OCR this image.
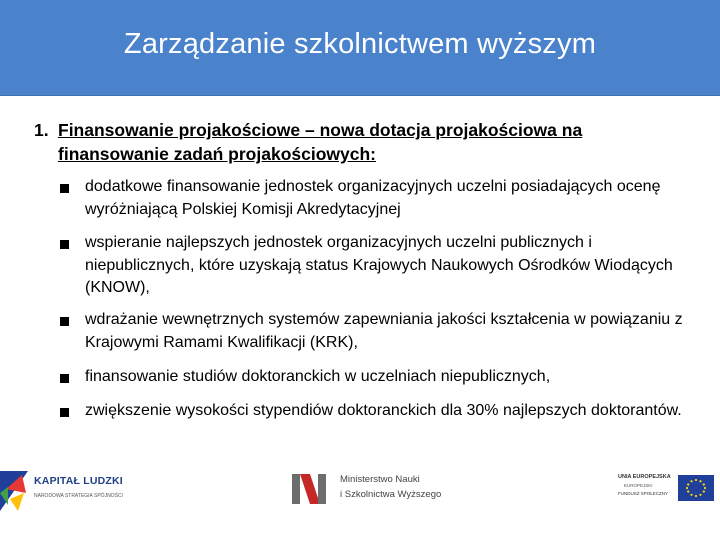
Zarządzanie szkolnictwem wyższym
1. Finansowanie projakościowe – nowa dotacja projakościowa na finansowanie zadań projakościowych:
dodatkowe finansowanie jednostek organizacyjnych uczelni posiadających ocenę wyróżniającą Polskiej Komisji Akredytacyjnej
wspieranie najlepszych jednostek organizacyjnych uczelni publicznych i niepublicznych, które uzyskają status Krajowych Naukowych Ośrodków Wiodących (KNOW),
wdrażanie wewnętrznych systemów zapewniania jakości kształcenia w powiązaniu z Krajowymi Ramami Kwalifikacji (KRK),
finansowanie studiów doktoranckich w uczelniach niepublicznych,
zwiększenie wysokości stypendiów doktoranckich dla 30% najlepszych doktorantów.
KAPITAŁ LUDZKI
NARODOWA STRATEGIA SPÓJNOŚCI
Ministerstwo Nauki
i Szkolnictwa Wyższego
UNIA EUROPEJSKA
EUROPEJSKI
FUNDUSZ SPOŁECZNY
